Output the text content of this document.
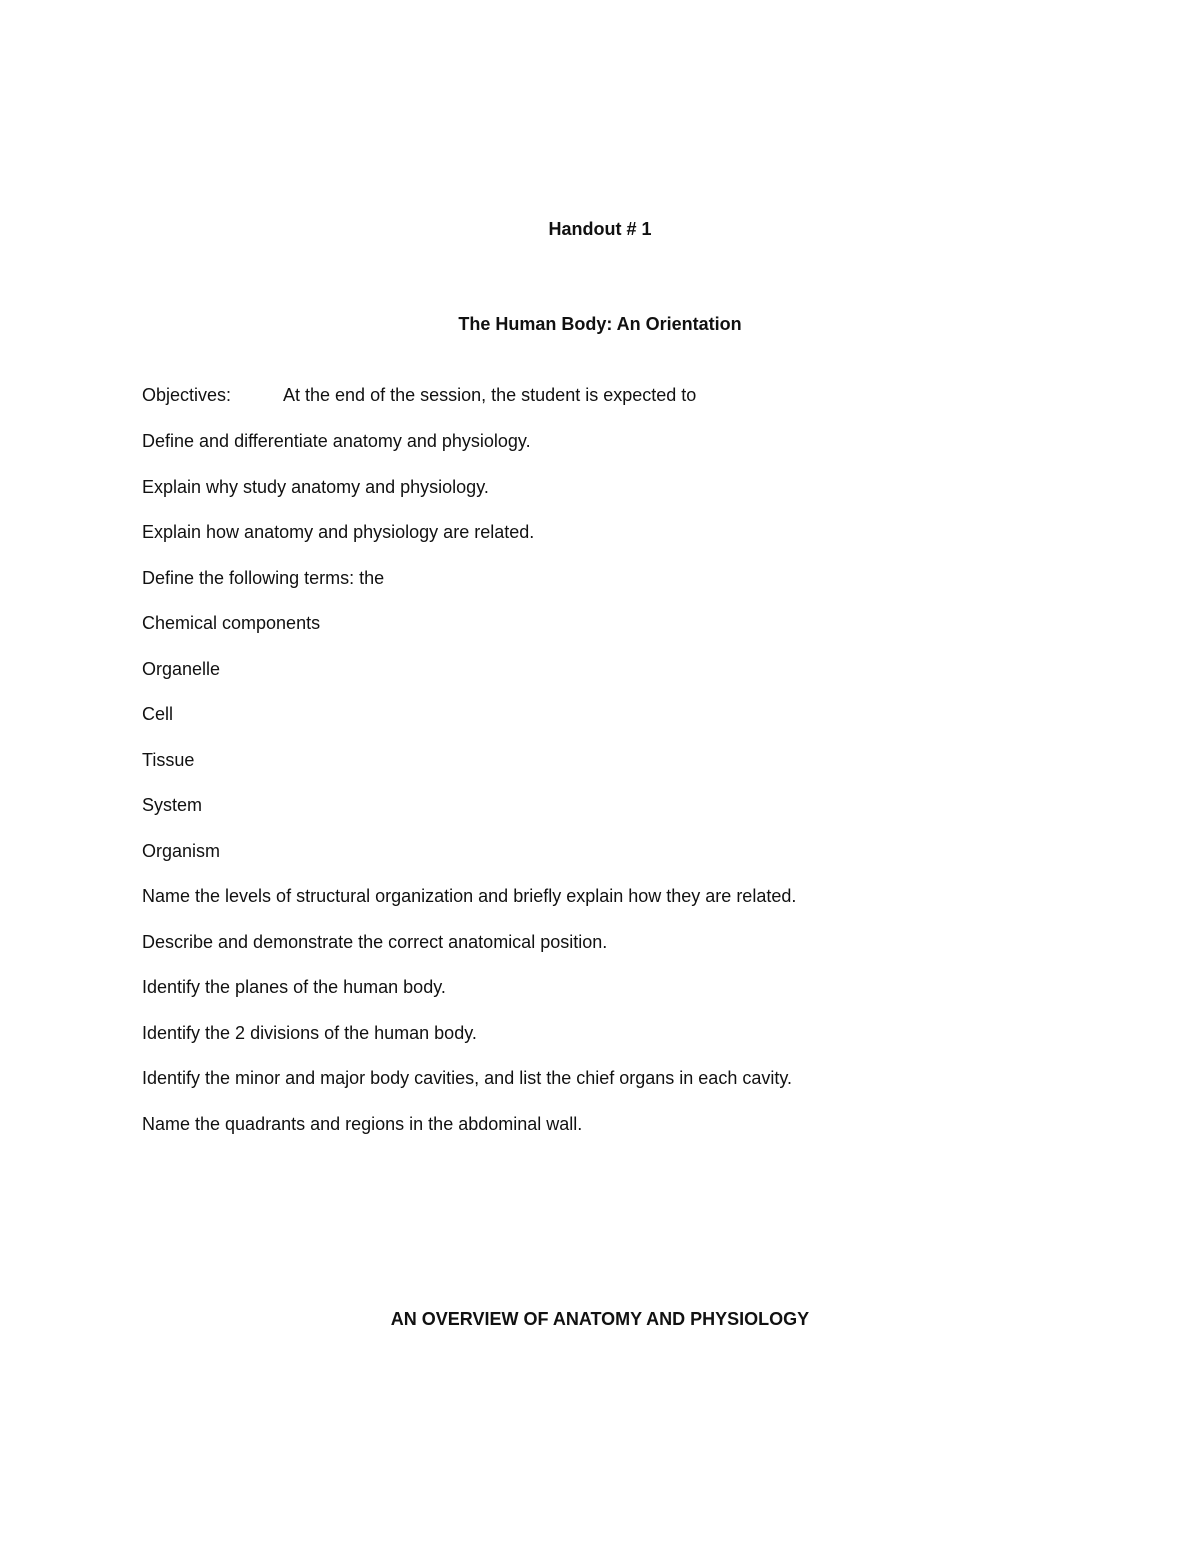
Handout # 1
The Human Body: An Orientation
Objectives:	At the end of the session, the student is expected to
Define and differentiate anatomy and physiology.
Explain why study anatomy and physiology.
Explain how anatomy and physiology are related.
Define the following terms: the
Chemical components
Organelle
Cell
Tissue
System
Organism
Name the levels of structural organization and briefly explain how they are related.
Describe and demonstrate the correct anatomical position.
Identify the planes of the human body.
Identify the 2 divisions of the human body.
Identify the minor and major body cavities, and list the chief organs in each cavity.
Name the quadrants and regions in the abdominal wall.
AN OVERVIEW OF ANATOMY AND PHYSIOLOGY
